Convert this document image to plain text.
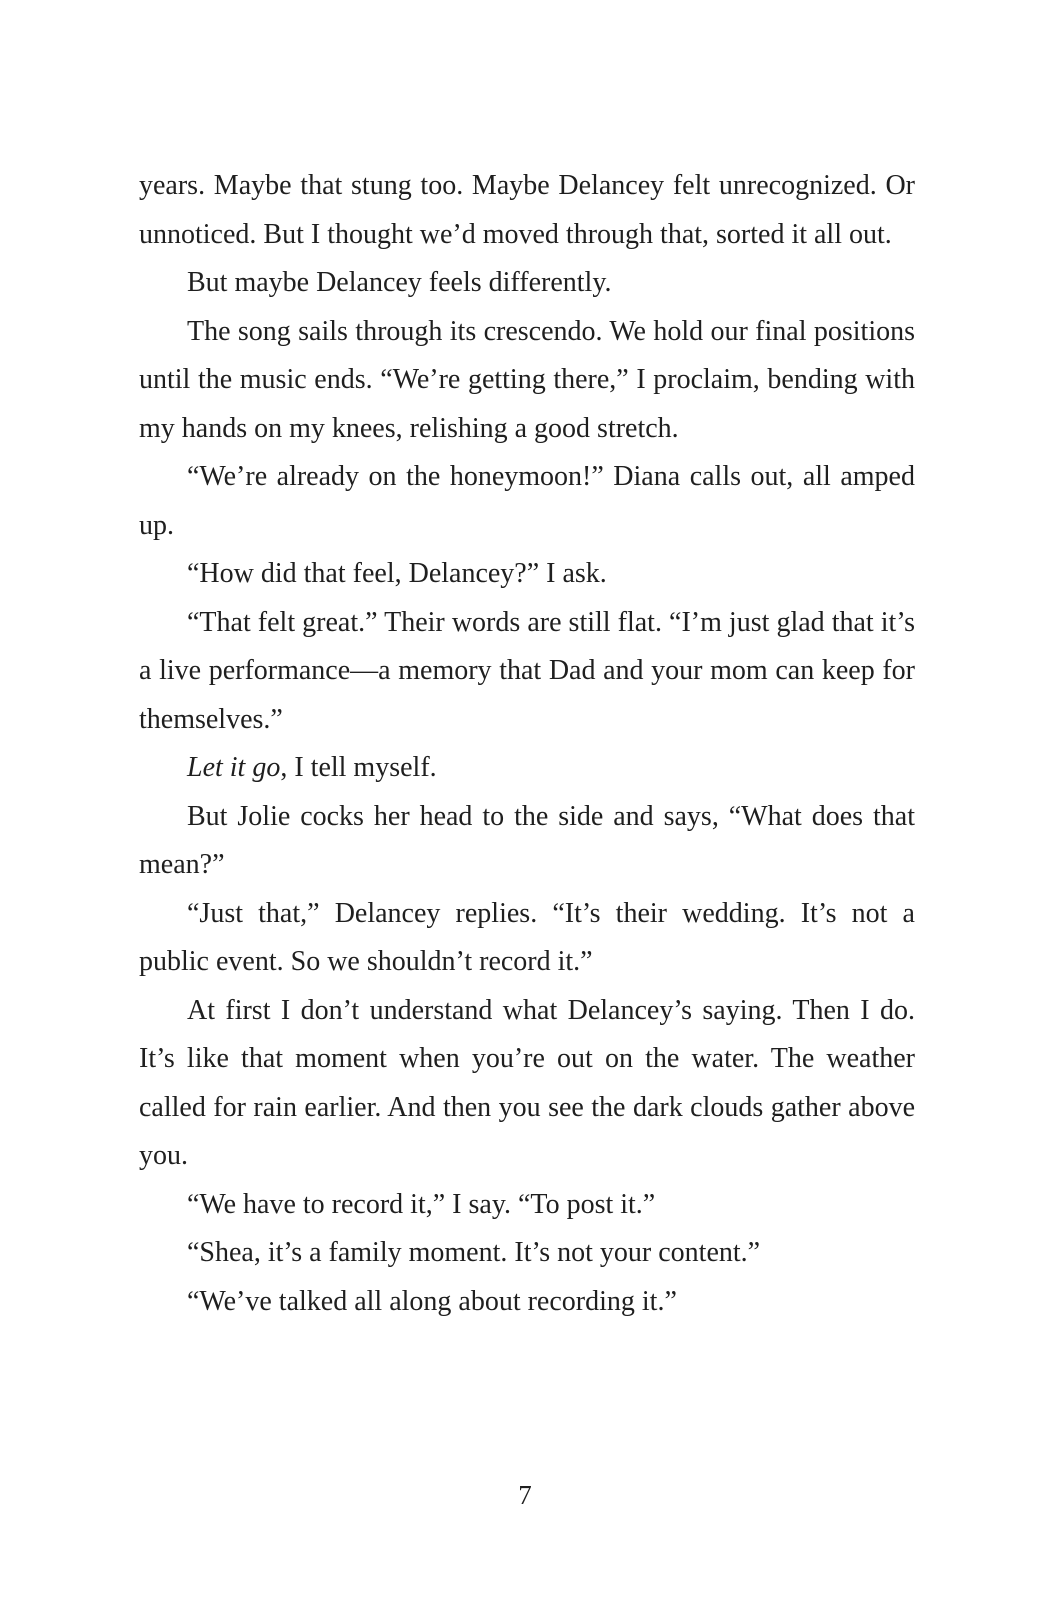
years. Maybe that stung too. Maybe Delancey felt unrecognized. Or unnoticed. But I thought we’d moved through that, sorted it all out.

But maybe Delancey feels differently.

The song sails through its crescendo. We hold our final positions until the music ends. “We’re getting there,” I proclaim, bending with my hands on my knees, relishing a good stretch.

“We’re already on the honeymoon!” Diana calls out, all amped up.

“How did that feel, Delancey?” I ask.

“That felt great.” Their words are still flat. “I’m just glad that it’s a live performance—a memory that Dad and your mom can keep for themselves.”

Let it go, I tell myself.

But Jolie cocks her head to the side and says, “What does that mean?”

“Just that,” Delancey replies. “It’s their wedding. It’s not a public event. So we shouldn’t record it.”

At first I don’t understand what Delancey’s saying. Then I do. It’s like that moment when you’re out on the water. The weather called for rain earlier. And then you see the dark clouds gather above you.

“We have to record it,” I say. “To post it.”

“Shea, it’s a family moment. It’s not your content.”

“We’ve talked all along about recording it.”

7
